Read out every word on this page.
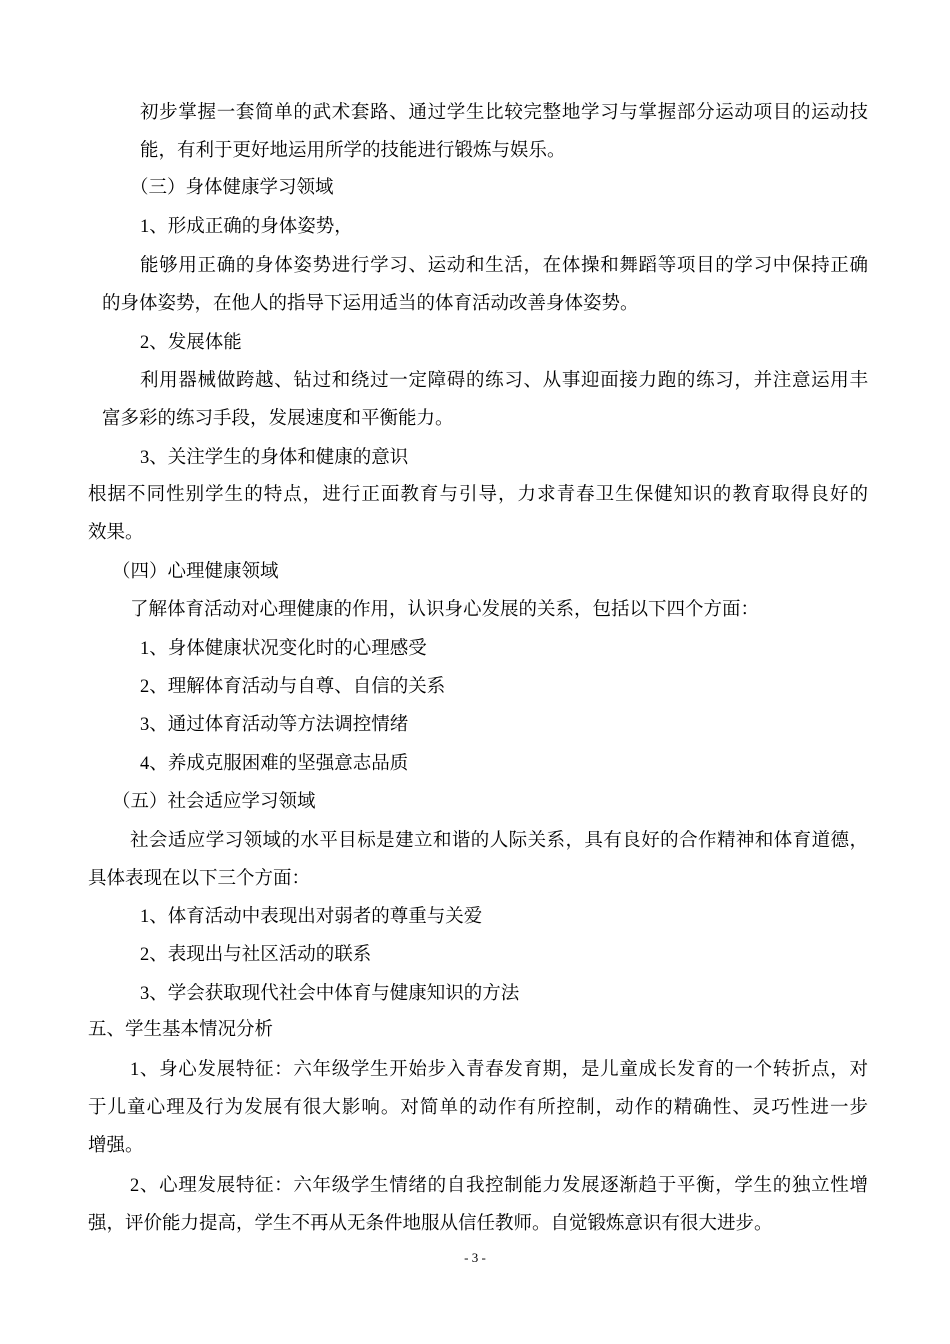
初步掌握一套简单的武术套路、通过学生比较完整地学习与掌握部分运动项目的运动技
能，有利于更好地运用所学的技能进行锻炼与娱乐。
（三）身体健康学习领域
1、形成正确的身体姿势，
能够用正确的身体姿势进行学习、运动和生活，在体操和舞蹈等项目的学习中保持正确
的身体姿势，在他人的指导下运用适当的体育活动改善身体姿势。
2、发展体能
利用器械做跨越、钻过和绕过一定障碍的练习、从事迎面接力跑的练习，并注意运用丰
富多彩的练习手段，发展速度和平衡能力。
3、关注学生的身体和健康的意识
根据不同性别学生的特点，进行正面教育与引导，力求青春卫生保健知识的教育取得良好的
效果。
（四）心理健康领域
了解体育活动对心理健康的作用，认识身心发展的关系，包括以下四个方面：
1、身体健康状况变化时的心理感受
2、理解体育活动与自尊、自信的关系
3、通过体育活动等方法调控情绪
4、养成克服困难的坚强意志品质
（五）社会适应学习领域
社会适应学习领域的水平目标是建立和谐的人际关系，具有良好的合作精神和体育道德，
具体表现在以下三个方面：
1、体育活动中表现出对弱者的尊重与关爱
2、表现出与社区活动的联系
3、学会获取现代社会中体育与健康知识的方法
五、学生基本情况分析
1、身心发展特征：六年级学生开始步入青春发育期，是儿童成长发育的一个转折点，对
于儿童心理及行为发展有很大影响。对简单的动作有所控制，动作的精确性、灵巧性进一步
增强。
2、心理发展特征：六年级学生情绪的自我控制能力发展逐渐趋于平衡，学生的独立性增
强，评价能力提高，学生不再从无条件地服从信任教师。自觉锻炼意识有很大进步。
- 3 -
